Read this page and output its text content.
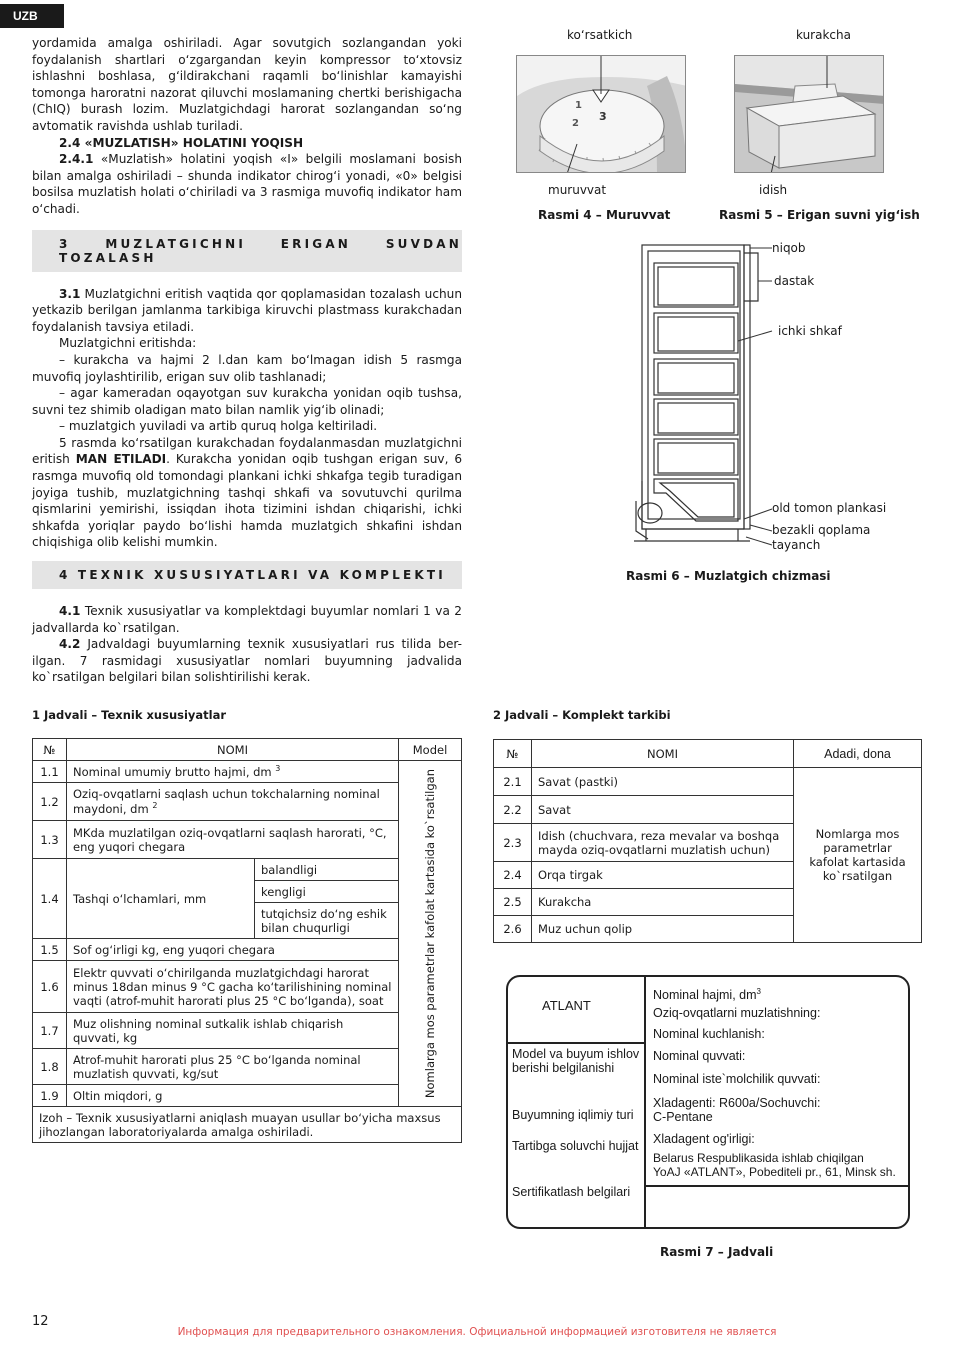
UZB

yordamida amalga oshiriladi. Agar sovutgich sozlangandan yoki foydalanish shartlari o‘zgargandan keyin kompressor to‘xtovsiz ishlashni boshlasa, g‘ildirakchani raqamli bo‘linishlar kamayishi tomonga haroratni nazorat qiluvchi moslamaning chertki berishigacha (ChIQ) burash lozim. Muzlatgichdagi harorat sozlangandan so‘ng avtomatik ravishda ushlab turiladi.

2.4 «MUZLATISH» HOLATINI YOQISH

2.4.1 «Muzlatish» holatini yoqish «I» belgili moslamani bosish bilan amalga oshiriladi – shunda indikator chirog‘i yonadi, «0» belgisi bosilsa muzlatish holati o‘chiriladi va 3 rasmiga muvofiq indikator ham o‘chadi.

3 MUZLATGICHNI ERIGAN SUVDAN TOZALASH

3.1 Muzlatgichni eritish vaqtida qor qoplamasidan tozalash uchun yetkazib berilgan jamlanma tarkibiga kiruvchi plastmass kurakchadan foydalanish tavsiya etiladi.

Muzlatgichni eritishda:

– kurakcha va hajmi 2 l.dan kam bo‘lmagan idish 5 rasmga muvofiq joylashtirilib, erigan suv olib tashlanadi;

– agar kameradan oqayotgan suv kurakcha yonidan oqib tushsa, suvni tez shimib oladigan mato bilan namlik yig‘ib olinadi;

– muzlatgich yuviladi va artib quruq holga keltiriladi.

5 rasmda ko‘rsatilgan kurakchadan foydalanmasdan muzlatgichni eritish MAN ETILADI. Kurakcha yonidan oqib tushgan erigan suv, 6 rasmga muvofiq old tomondagi plankani ichki shkafga tegib turadigan joyiga tushib, muzlatgichning tashqi shkafi va sovutuvchi qurilma qismlarini yemirishi, issiqdan ihota tizimini ishdan chiqarishi, ichki shkafda yoriqlar paydo bo‘lishi hamda muzlatgich shkafini ishdan chiqishiga olib kelishi mumkin.

4 TEXNIK XUSUSIYATLARI VA KOMPLEKTI

4.1 Texnik xususiyatlar va komplektdagi buyumlar nomlari 1 va 2 jadvallarda ko`rsatilgan.

4.2 Jadvaldagi buyumlarning texnik xususiyatlari rus tilida ber-ilgan. 7 rasmidagi xususiyatlar nomlari buyumning jadvalida ko`rsatilgan belgilari bilan solishtirilishi kerak.

ko‘rsatkich
1
2
3
muruvvat
Rasmi 4 – Muruvvat
kurakcha
idish
Rasmi 5 – Erigan suvni yig‘ish
niqob
dastak
ichki shkaf
old tomon plankasi
bezakli qoplama
tayanch
Rasmi 6 – Muzlatgich chizmasi
1 Jadvali – Texnik xususiyatlar
№	NOMI		Model
1.1	Nominal umumiy brutto hajmi, dm $^3$		Nomlarga mos parametrlar kafolat kartasida ko`rsatilgan

1.2	Oziq-ovqatlarni saqlash uchun tokchalarning nominal maydoni, dm $^2$
1.3	MKda muzlatilgan oziq-ovqatlarni saqlash harorati, °C, eng yuqori chegara		
1.4	Tashqi o‘lchamlari, mm	balandligi	
		kengligi	
		tutqichsiz do‘ng eshik bilan chuqurligi	
1.5	Sof og‘irligi kg, eng yuqori chegara		
1.6	Elektr quvvati o‘chirilganda muzlatgichdagi harorat minus 18dan minus 9 °C gacha ko‘tarilishining nominal vaqti (atrof-muhit harorati plus 25 °C bo‘lganda), soat		
1.7	Muz olishning nominal sutkalik ishlab chiqarish quvvati, kg		
1.8	Atrof-muhit harorati plus 25 °C bo‘lganda nominal muzlatish quvvati, kg/sut		
1.9	Oltin miqdori, g		
Izoh – Texnik xususiyatlarni aniqlash muayan usullar bo‘yicha maxsus jihozlangan laboratoriyalarda amalga oshiriladi.			
2 Jadvali – Komplekt tarkibi
№	NOMI	Adadi, dona
2.1	Savat (pastki)	Nomlarga mos parametrlar kafolat kartasida ko`rsatilgan
2.2	Savat	
2.3	Idish (chuchvara, reza mevalar va boshqa mayda oziq-ovqatlarni muzlatish uchun)	
2.4	Orqa tirgak	
2.5	Kurakcha	
2.6	Muz uchun qolip	
ATLANT
Model va buyum ishlov berishi belgilanishi
Buyumning iqlimiy turi
Tartibga soluvchi hujjat
Sertifikatlash belgilari
Nominal hajmi, $dm^3$
Oziq-ovqatlarni muzlatishning:
Nominal kuchlanish:
Nominal quvvati:
Nominal iste`molchilik quvvati:
Xladagenti: R600a/Sochuvchi:
C-Pentane
Xladagent og'irligi:
Belarus Respublikasida ishlab chiqilgan
YoAJ «ATLANT», Pobediteli pr., 61, Minsk sh.
Rasmi 7 – Jadvali
12
Информация для предварительного ознакомления. Официальной информацией изготовителя не является
